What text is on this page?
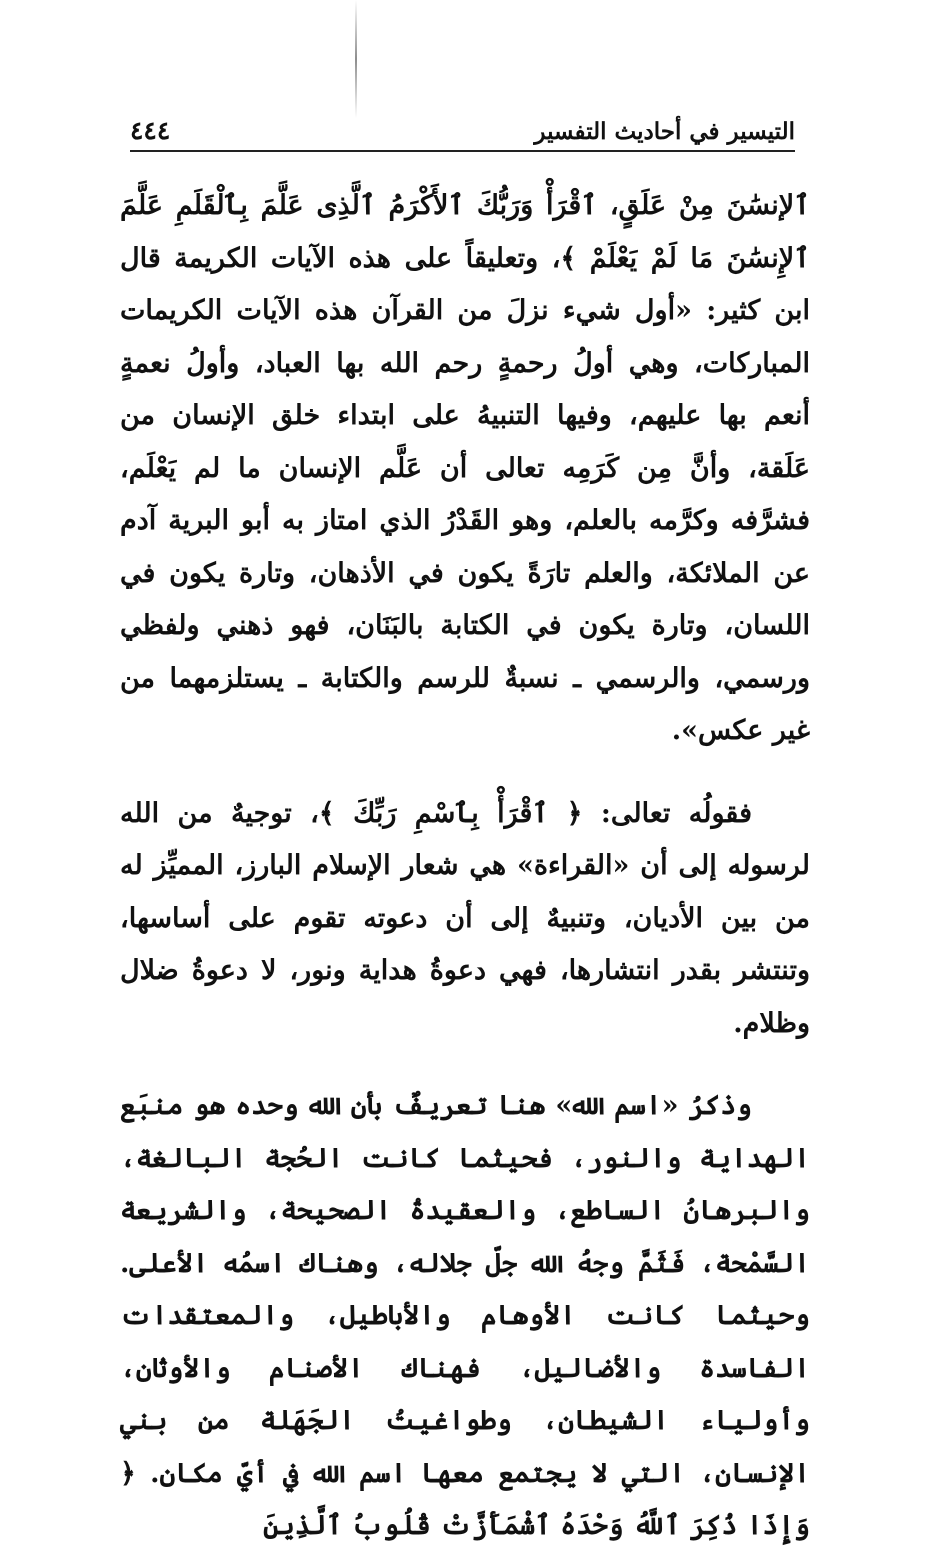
التيسير في أحاديث التفسير
٤٤٤

ٱلإنسَٰنَ مِنْ عَلَقٍ، ٱقْرَأْ وَرَبُّكَ ٱلأَكْرَمُ ٱلَّذِى عَلَّمَ بِٱلْقَلَمِ عَلَّمَ ٱلإِنسَٰنَ مَا لَمْ يَعْلَمْ ﴾، وتعليقاً على هذه الآيات الكريمة قال ابن كثير: «أول شيء نزلَ من القرآن هذه الآيات الكريمات المباركات، وهي أولُ رحمةٍ رحم الله بها العباد، وأولُ نعمةٍ أنعم بها عليهم، وفيها التنبيهُ على ابتداء خلق الإنسان من عَلَقة، وأنَّ مِن كَرَمِه تعالى أن عَلَّم الإنسان ما لم يَعْلَم، فشرَّفه وكرَّمه بالعلم، وهو القَدْرُ الذي امتاز به أبو البرية آدم عن الملائكة، والعلم تارَةً يكون في الأذهان، وتارة يكون في اللسان، وتارة يكون في الكتابة بالبَنَان، فهو ذهني ولفظي ورسمي، والرسمي ـ نسبةٌ للرسم والكتابة ـ يستلزمهما من غير عكس».

فقولُه تعالى: ﴿ ٱقْرَأْ بِٱسْمِ رَبِّكَ ﴾، توجيهٌ من الله لرسوله إلى أن «القراءة» هي شعار الإسلام البارز، المميِّز له من بين الأديان، وتنبيهٌ إلى أن دعوته تقوم على أساسها، وتنتشر بقدر انتشارها، فهي دعوةُ هداية ونور، لا دعوةُ ضلال وظلام.

وذكرُ «اسم الله» هنا تعريفٌ بأن الله وحده هو منبَع الهداية والنور، فحيثما كانت الحُجة البالغة، والبرهانُ الساطع، والعقيدةُ الصحيحة، والشريعة السَّمْحة، فَثَمَّ وجهُ الله جلّ جلاله، وهناك اسمُه الأعلى. وحيثما كانت الأوهام والأباطيل، والمعتقدات الفاسدة والأضاليل، فهناك الأصنام والأوثان، وأولياء الشيطان، وطواغيتُ الجَهَلة من بني الإنسان، التي لا يجتمع معها اسم الله في أيّ مكان. ﴿ وَإِذَا ذُكِرَ ٱللَّهُ وَحْدَهُ ٱشْمَأَزَّتْ قُلُوبُ ٱلَّذِينَ
